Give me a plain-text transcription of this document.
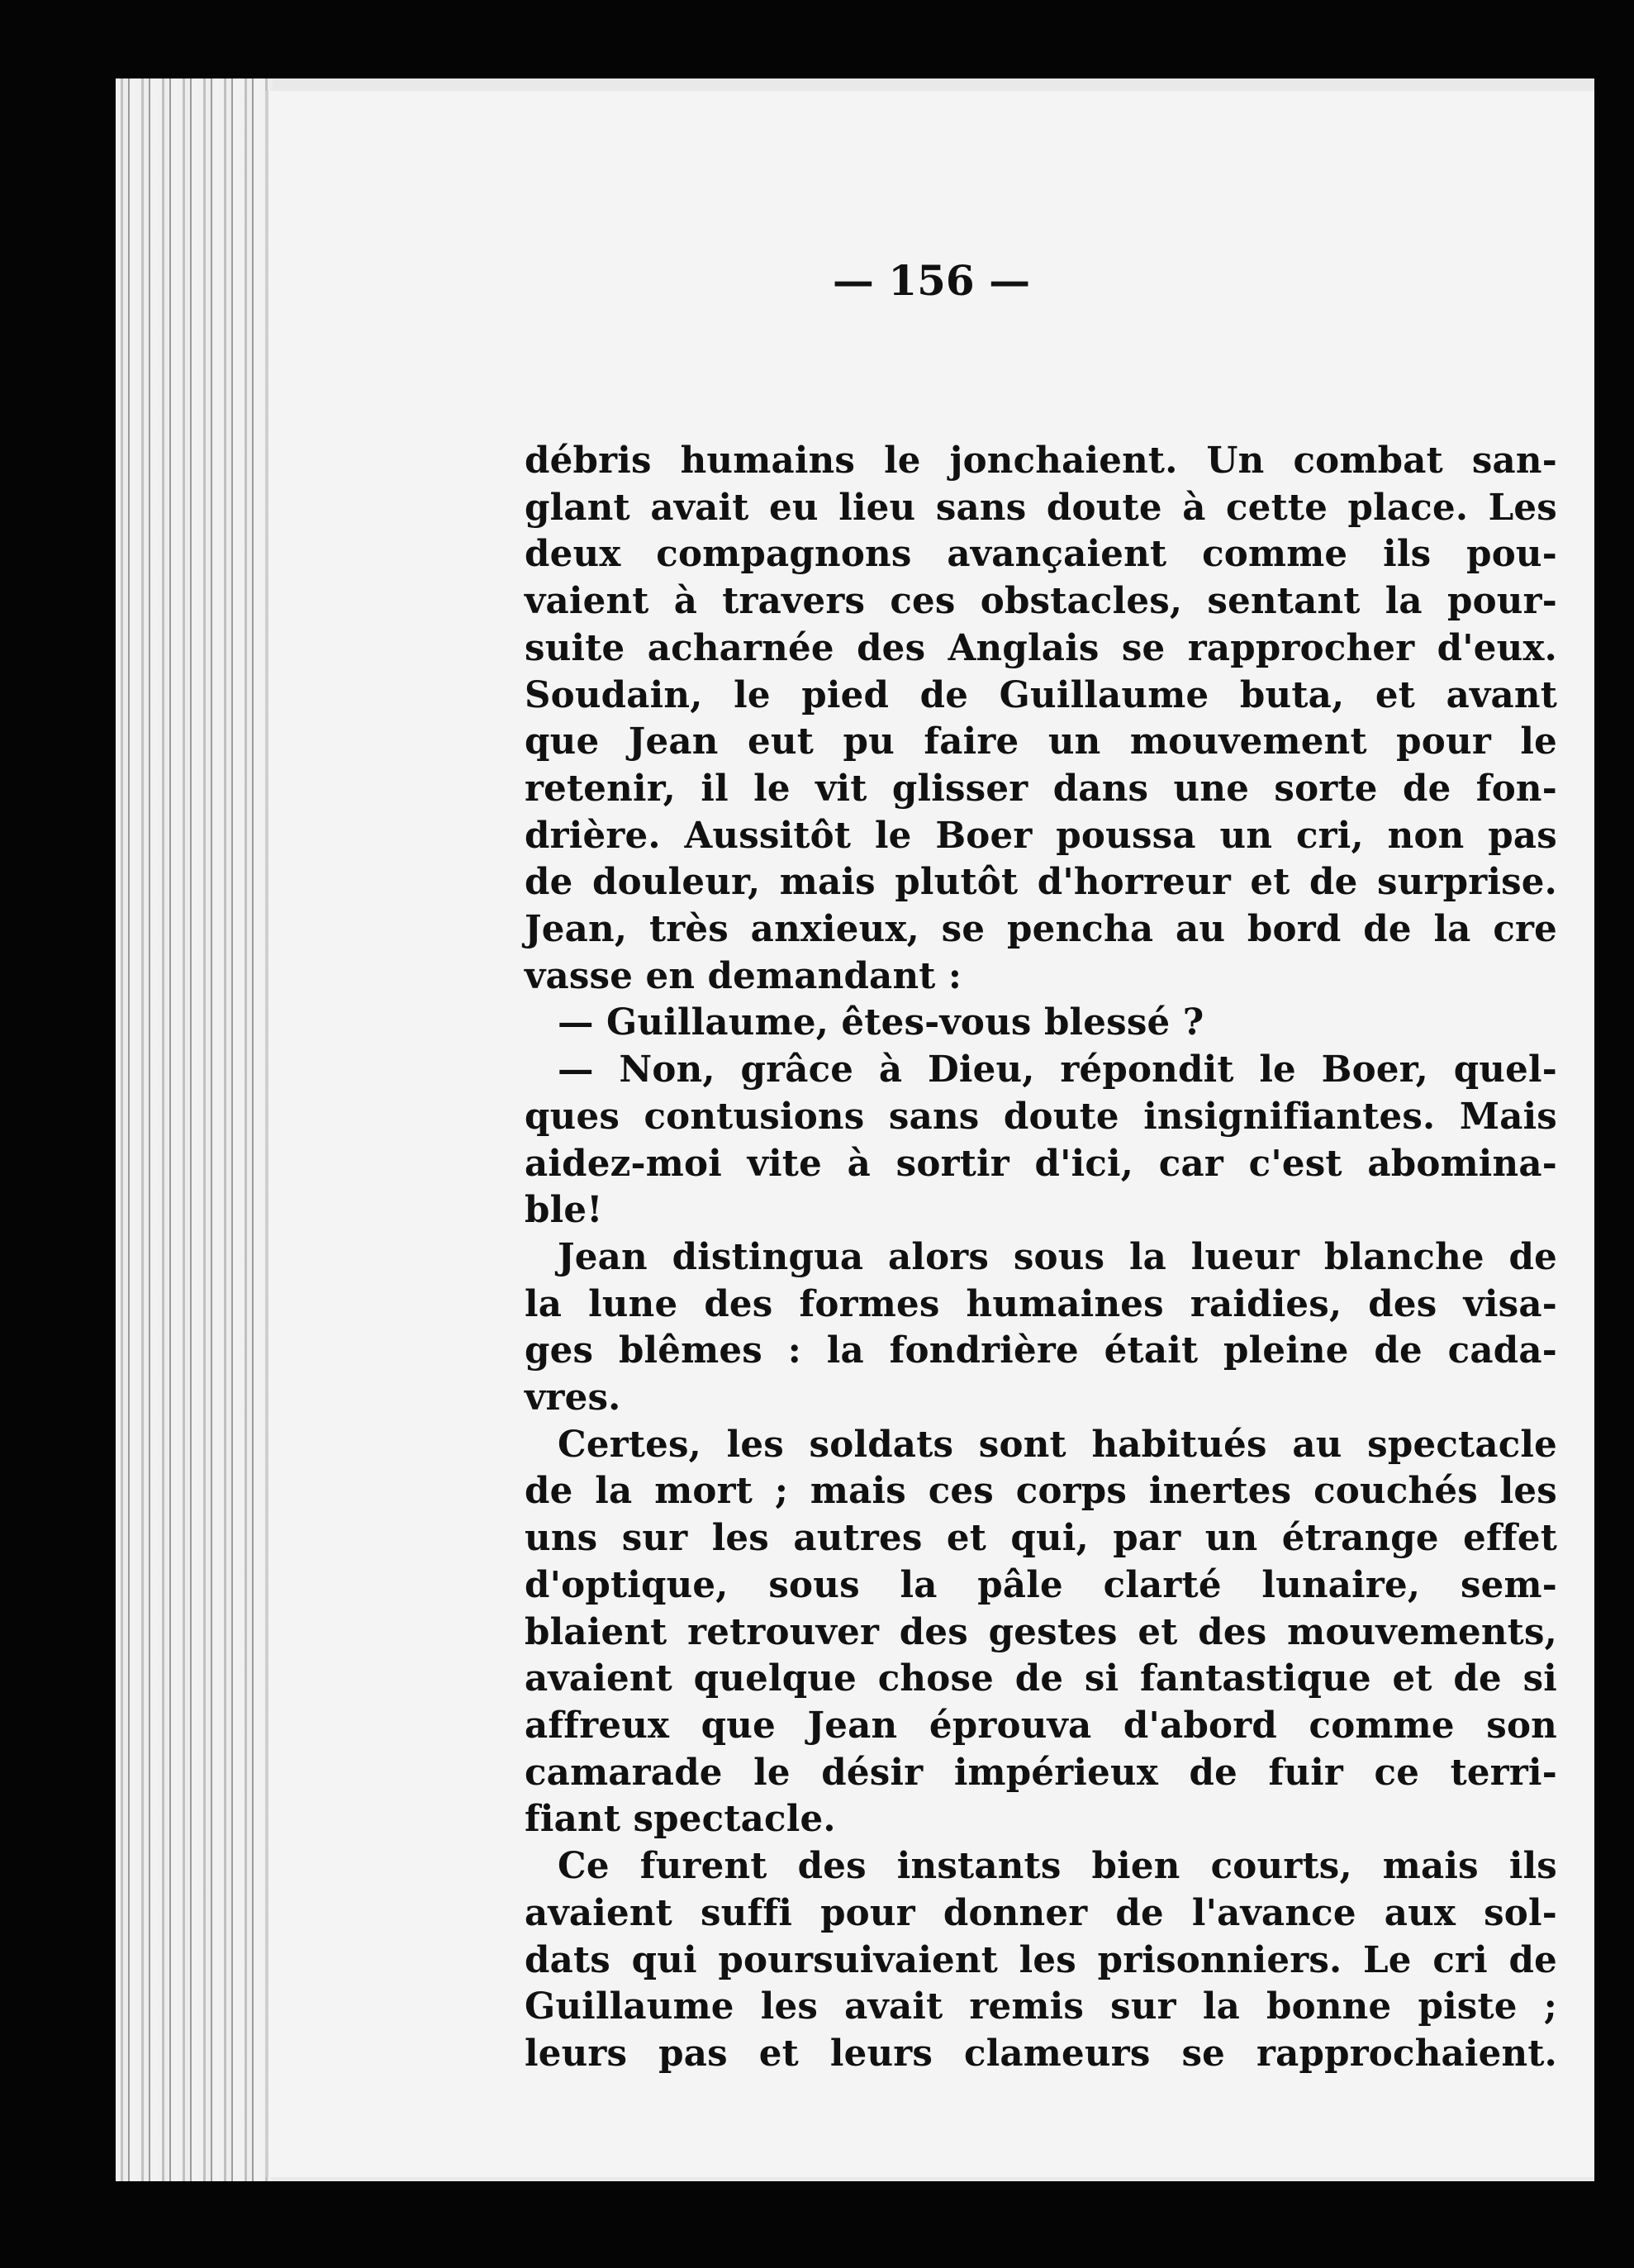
— 156 —
débris humains le jonchaient. Un combat san-
glant avait eu lieu sans doute à cette place. Les
deux compagnons avançaient comme ils pou-
vaient à travers ces obstacles, sentant la pour-
suite acharnée des Anglais se rapprocher d'eux.
Soudain, le pied de Guillaume buta, et avant
que Jean eut pu faire un mouvement pour le
retenir, il le vit glisser dans une sorte de fon-
drière. Aussitôt le Boer poussa un cri, non pas
de douleur, mais plutôt d'horreur et de surprise.
Jean, très anxieux, se pencha au bord de la cre
vasse en demandant :
— Guillaume, êtes-vous blessé ?
— Non, grâce à Dieu, répondit le Boer, quel-
ques contusions sans doute insignifiantes. Mais
aidez-moi vite à sortir d'ici, car c'est abomina-
ble!
Jean distingua alors sous la lueur blanche de
la lune des formes humaines raidies, des visa-
ges blêmes : la fondrière était pleine de cada-
vres.
Certes, les soldats sont habitués au spectacle
de la mort ; mais ces corps inertes couchés les
uns sur les autres et qui, par un étrange effet
d'optique, sous la pâle clarté lunaire, sem-
blaient retrouver des gestes et des mouvements,
avaient quelque chose de si fantastique et de si
affreux que Jean éprouva d'abord comme son
camarade le désir impérieux de fuir ce terri-
fiant spectacle.
Ce furent des instants bien courts, mais ils
avaient suffi pour donner de l'avance aux sol-
dats qui poursuivaient les prisonniers. Le cri de
Guillaume les avait remis sur la bonne piste ;
leurs pas et leurs clameurs se rapprochaient.
